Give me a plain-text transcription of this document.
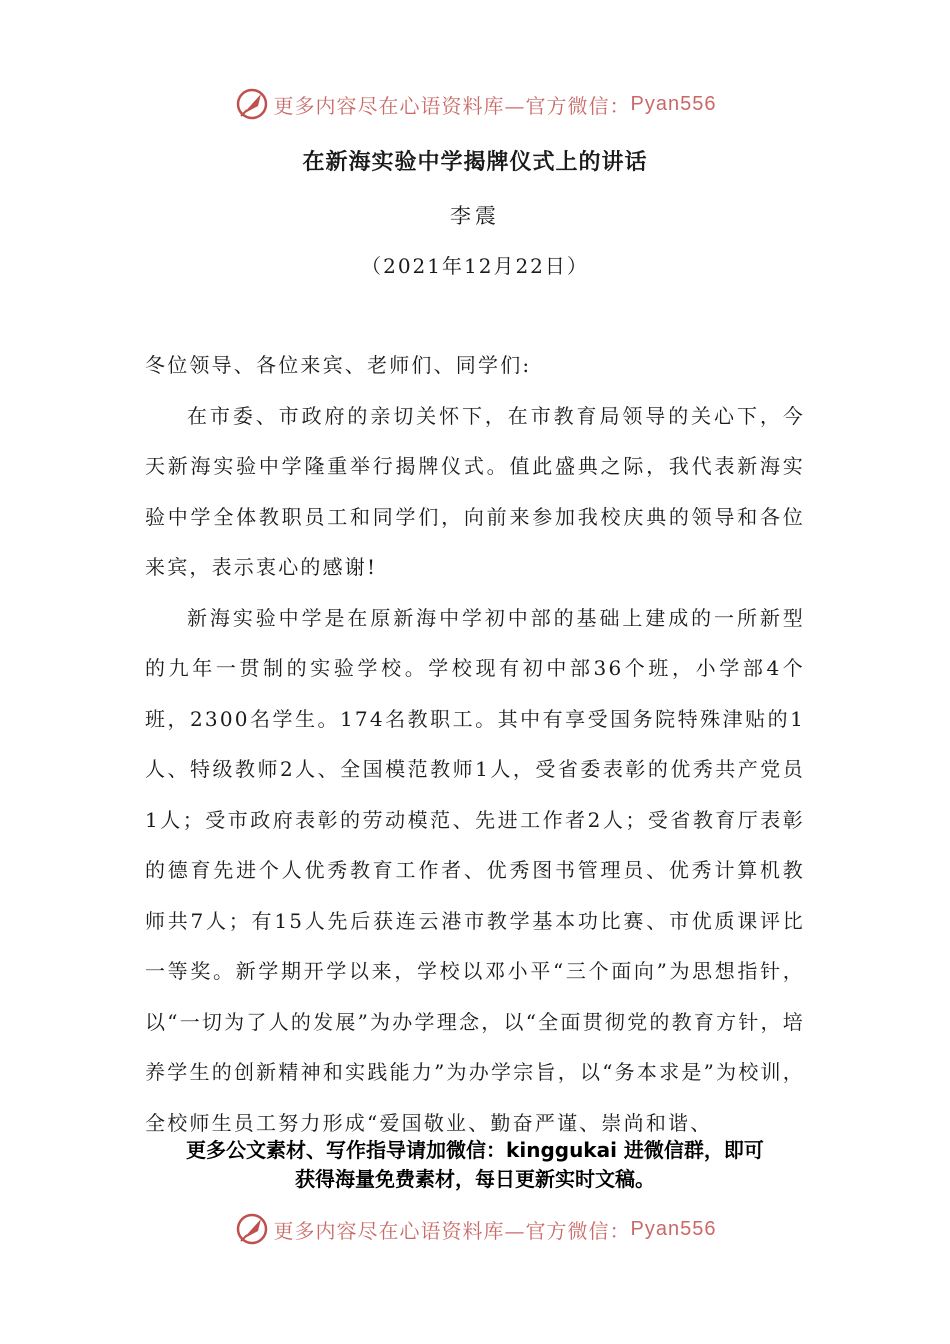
更多内容尽在心语资料库—官方微信： Pyan556
在新海实验中学揭牌仪式上的讲话
李震
（2021年12月22日）

冬位领导、各位来宾、老师们、同学们:

在市委、市政府的亲切关怀下，在市教育局领导的关心下，今天新海实验中学隆重举行揭牌仪式。值此盛典之际，我代表新海实验中学全体教职员工和同学们，向前来参加我校庆典的领导和各位来宾，表示衷心的感谢!

新海实验中学是在原新海中学初中部的基础上建成的一所新型的九年一贯制的实验学校。学校现有初中部36个班，小学部4个班，2300名学生。174名教职工。其中有享受国务院特殊津贴的1人、特级教师2人、全国模范教师1人，受省委表彰的优秀共产党员1人；受市政府表彰的劳动模范、先进工作者2人；受省教育厅表彰的德育先进个人优秀教育工作者、优秀图书管理员、优秀计算机教师共7人；有15人先后获连云港市教学基本功比赛、市优质课评比一等奖。新学期开学以来，学校以邓小平“三个面向”为思想指针，以“一切为了人的发展”为办学理念，以“全面贯彻党的教育方针，培养学生的创新精神和实践能力”为办学宗旨，以“务本求是”为校训，全校师生员工努力形成“爱国敬业、勤奋严谨、崇尚和谐、

更多公文素材、写作指导请加微信：kinggukai 进微信群，即可
获得海量免费素材，每日更新实时文稿。
更多内容尽在心语资料库—官方微信： Pyan556
